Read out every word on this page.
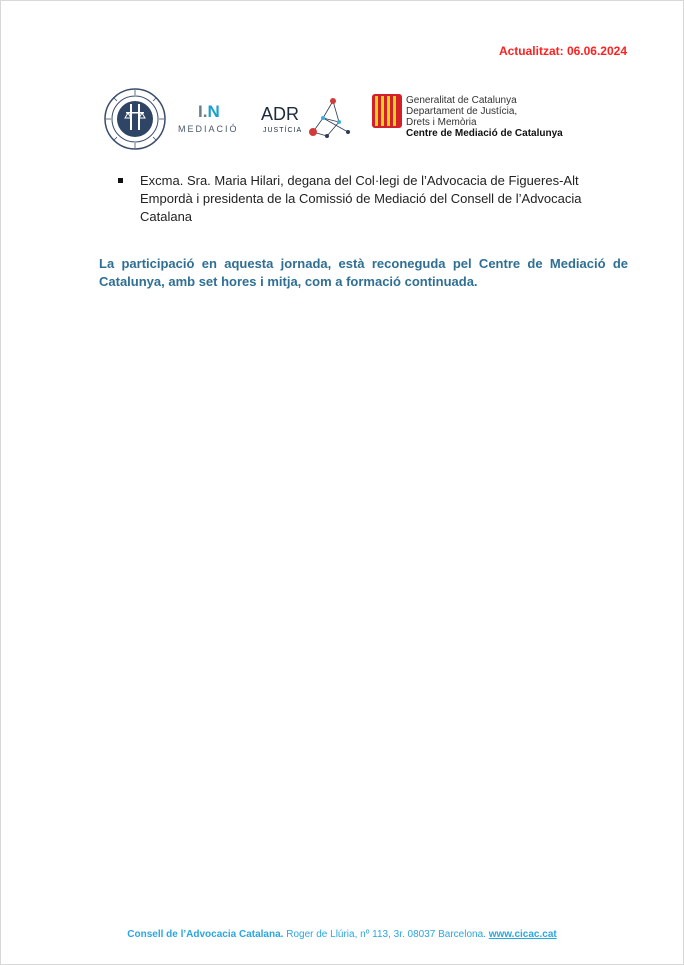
Actualitzat: 06.06.2024
I.N
MEDIACIÓ
ADR
JUSTÍCIA
Generalitat de Catalunya
Departament de Justícia,
Drets i Memòria
Centre de Mediació de Catalunya
Excma. Sra. Maria Hilari, degana del Col·legi de l’Advocacia de Figueres-Alt Empordà i presidenta de la Comissió de Mediació del Consell de l’Advocacia Catalana

La participació en aquesta jornada, està reconeguda pel Centre de Mediació de Catalunya, amb set hores i mitja, com a formació continuada.

Consell de l’Advocacia Catalana. Roger de Llúria, nº 113, 3r. 08037 Barcelona. www.cicac.cat
